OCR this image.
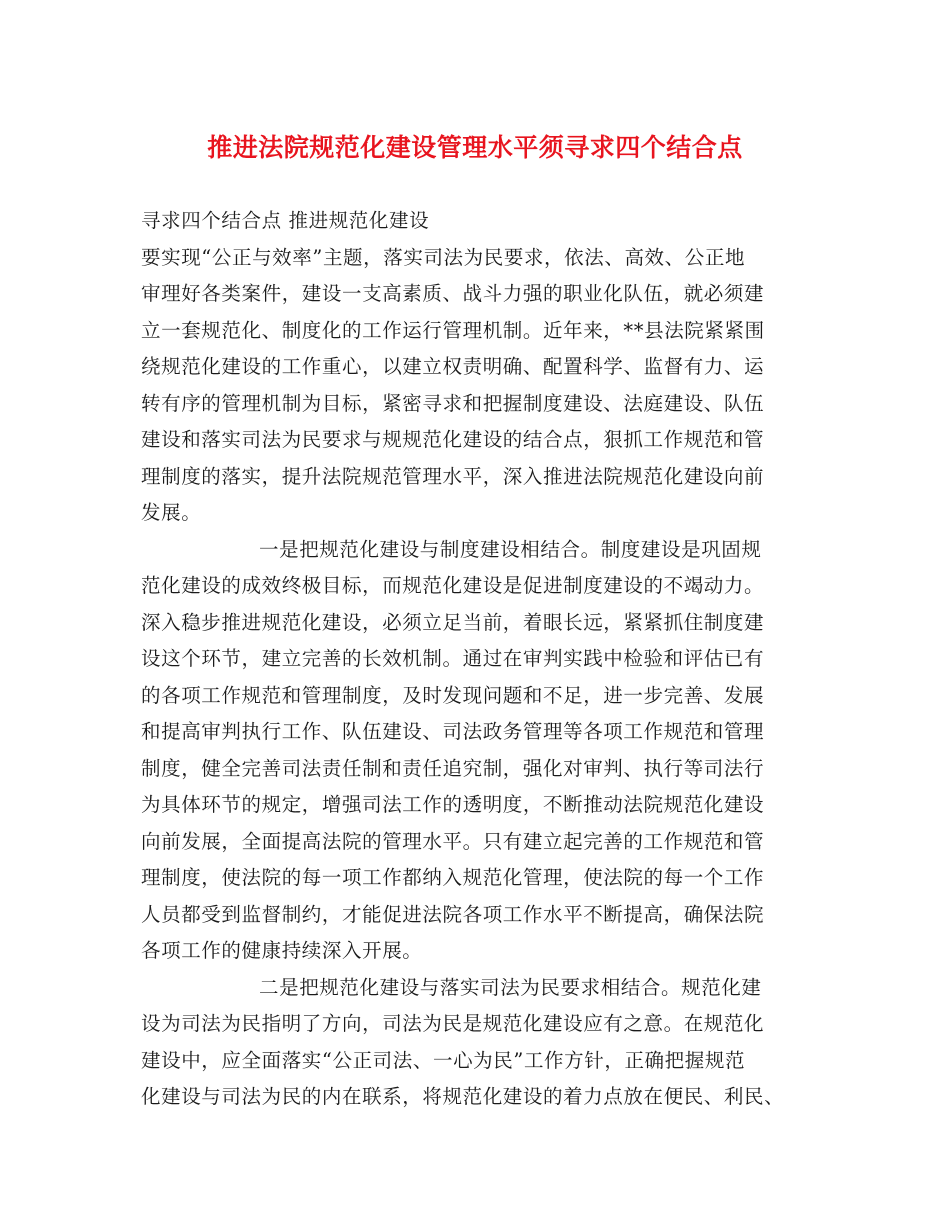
推进法院规范化建设管理水平须寻求四个结合点
寻求四个结合点 推进规范化建设
要实现“公正与效率”主题，落实司法为民要求，依法、高效、公正地
审理好各类案件，建设一支高素质、战斗力强的职业化队伍，就必须建
立一套规范化、制度化的工作运行管理机制。近年来，**县法院紧紧围
绕规范化建设的工作重心，以建立权责明确、配置科学、监督有力、运
转有序的管理机制为目标，紧密寻求和把握制度建设、法庭建设、队伍
建设和落实司法为民要求与规规范化建设的结合点，狠抓工作规范和管
理制度的落实，提升法院规范管理水平，深入推进法院规范化建设向前
发展。
一是把规范化建设与制度建设相结合。制度建设是巩固规
范化建设的成效终极目标，而规范化建设是促进制度建设的不竭动力。
深入稳步推进规范化建设，必须立足当前，着眼长远，紧紧抓住制度建
设这个环节，建立完善的长效机制。通过在审判实践中检验和评估已有
的各项工作规范和管理制度，及时发现问题和不足，进一步完善、发展
和提高审判执行工作、队伍建设、司法政务管理等各项工作规范和管理
制度，健全完善司法责任制和责任追究制，强化对审判、执行等司法行
为具体环节的规定，增强司法工作的透明度，不断推动法院规范化建设
向前发展，全面提高法院的管理水平。只有建立起完善的工作规范和管
理制度，使法院的每一项工作都纳入规范化管理，使法院的每一个工作
人员都受到监督制约，才能促进法院各项工作水平不断提高，确保法院
各项工作的健康持续深入开展。
二是把规范化建设与落实司法为民要求相结合。规范化建
设为司法为民指明了方向，司法为民是规范化建设应有之意。在规范化
建设中，应全面落实“公正司法、一心为民”工作方针，正确把握规范
化建设与司法为民的内在联系，将规范化建设的着力点放在便民、利民、
